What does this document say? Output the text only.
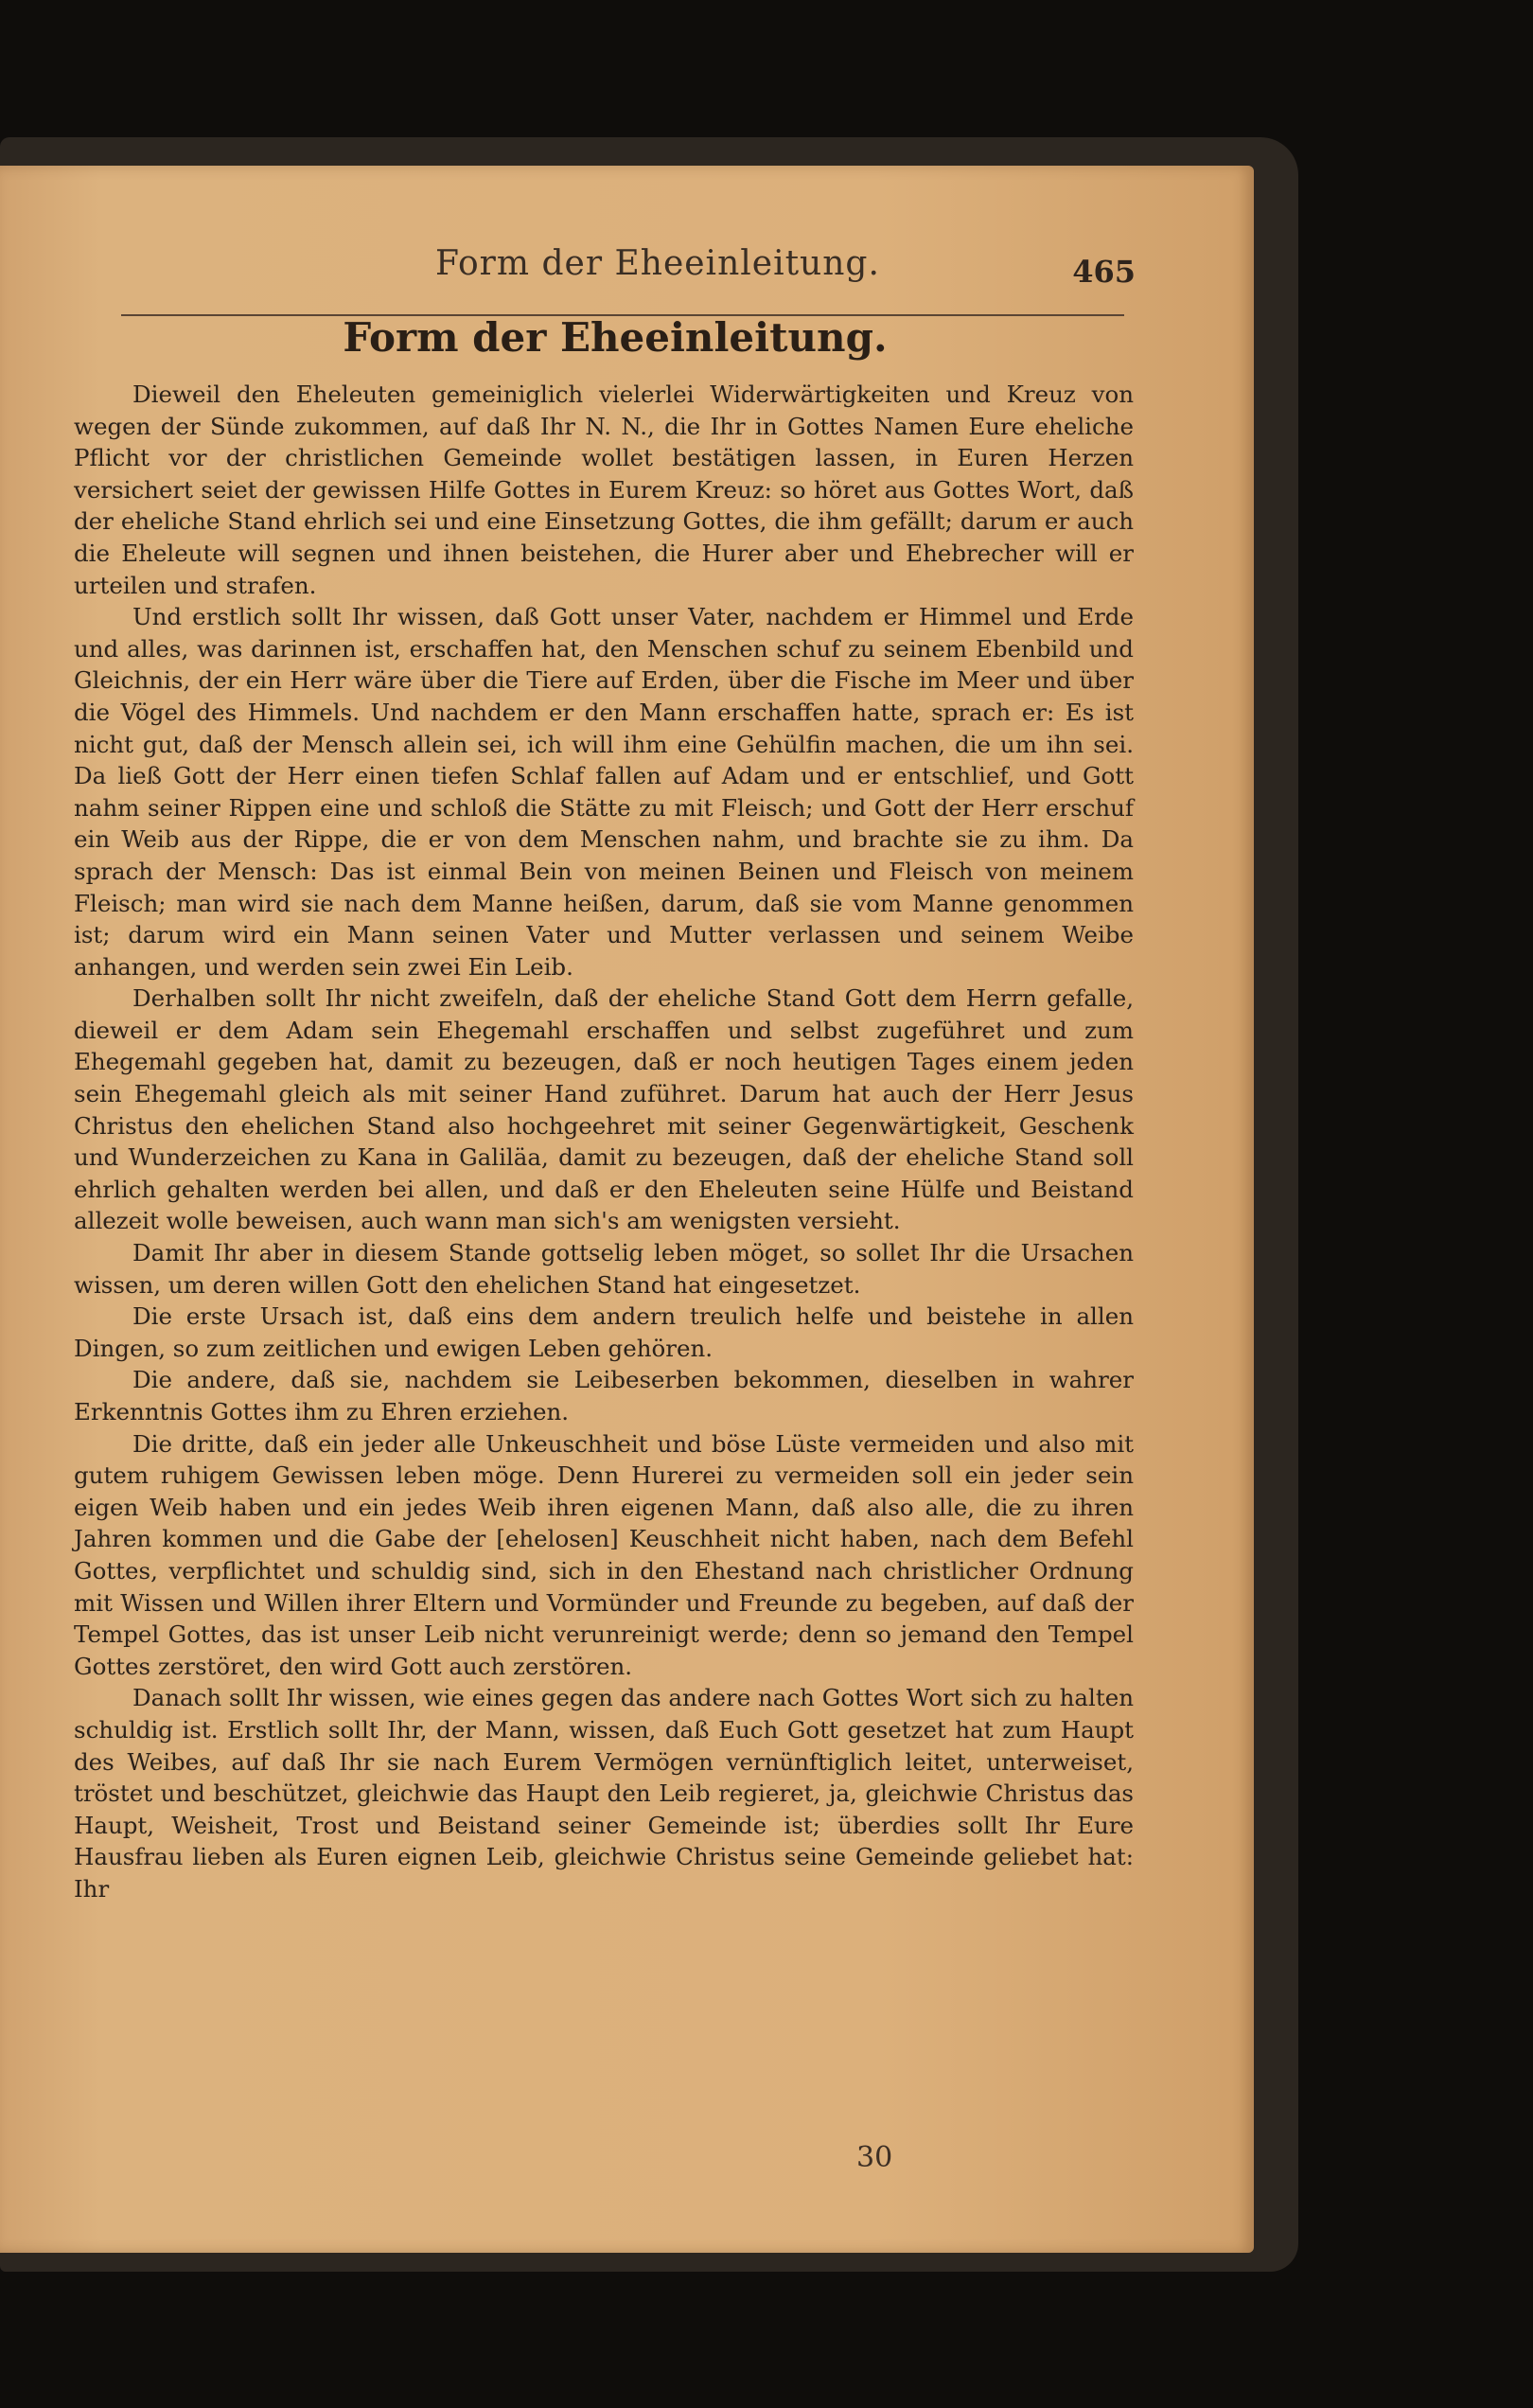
Form der Eheeinleitung.	465
Form der Eheeinleitung.

Dieweil den Eheleuten gemeiniglich vielerlei Widerwärtigkeiten und Kreuz von wegen der Sünde zukommen, auf daß Ihr N. N., die Ihr in Gottes Namen Eure eheliche Pflicht vor der christlichen Gemeinde wollet bestätigen lassen, in Euren Herzen versichert seiet der gewissen Hilfe Gottes in Eurem Kreuz: so höret aus Gottes Wort, daß der eheliche Stand ehrlich sei und eine Einsetzung Gottes, die ihm gefällt; darum er auch die Eheleute will segnen und ihnen beistehen, die Hurer aber und Ehebrecher will er urteilen und strafen.

Und erstlich sollt Ihr wissen, daß Gott unser Vater, nachdem er Himmel und Erde und alles, was darinnen ist, erschaffen hat, den Menschen schuf zu seinem Ebenbild und Gleichnis, der ein Herr wäre über die Tiere auf Erden, über die Fische im Meer und über die Vögel des Himmels. Und nachdem er den Mann erschaffen hatte, sprach er: Es ist nicht gut, daß der Mensch allein sei, ich will ihm eine Gehülfin machen, die um ihn sei. Da ließ Gott der Herr einen tiefen Schlaf fallen auf Adam und er entschlief, und Gott nahm seiner Rippen eine und schloß die Stätte zu mit Fleisch; und Gott der Herr erschuf ein Weib aus der Rippe, die er von dem Menschen nahm, und brachte sie zu ihm. Da sprach der Mensch: Das ist einmal Bein von meinen Beinen und Fleisch von meinem Fleisch; man wird sie nach dem Manne heißen, darum, daß sie vom Manne genommen ist; darum wird ein Mann seinen Vater und Mutter verlassen und seinem Weibe anhangen, und werden sein zwei Ein Leib.

Derhalben sollt Ihr nicht zweifeln, daß der eheliche Stand Gott dem Herrn gefalle, dieweil er dem Adam sein Ehegemahl erschaffen und selbst zugeführet und zum Ehegemahl gegeben hat, damit zu bezeugen, daß er noch heutigen Tages einem jeden sein Ehegemahl gleich als mit seiner Hand zuführet. Darum hat auch der Herr Jesus Christus den ehelichen Stand also hochgeehret mit seiner Gegenwärtigkeit, Geschenk und Wunderzeichen zu Kana in Galiläa, damit zu bezeugen, daß der eheliche Stand soll ehrlich gehalten werden bei allen, und daß er den Eheleuten seine Hülfe und Beistand allezeit wolle beweisen, auch wann man sich's am wenigsten versieht.

Damit Ihr aber in diesem Stande gottselig leben möget, so sollet Ihr die Ursachen wissen, um deren willen Gott den ehelichen Stand hat eingesetzet.

Die erste Ursach ist, daß eins dem andern treulich helfe und beistehe in allen Dingen, so zum zeitlichen und ewigen Leben gehören.

Die andere, daß sie, nachdem sie Leibeserben bekommen, dieselben in wahrer Erkenntnis Gottes ihm zu Ehren erziehen.

Die dritte, daß ein jeder alle Unkeuschheit und böse Lüste vermeiden und also mit gutem ruhigem Gewissen leben möge. Denn Hurerei zu vermeiden soll ein jeder sein eigen Weib haben und ein jedes Weib ihren eigenen Mann, daß also alle, die zu ihren Jahren kommen und die Gabe der [ehelosen] Keuschheit nicht haben, nach dem Befehl Gottes, verpflichtet und schuldig sind, sich in den Ehestand nach christlicher Ordnung mit Wissen und Willen ihrer Eltern und Vormünder und Freunde zu begeben, auf daß der Tempel Gottes, das ist unser Leib nicht verunreinigt werde; denn so jemand den Tempel Gottes zerstöret, den wird Gott auch zerstören.

Danach sollt Ihr wissen, wie eines gegen das andere nach Gottes Wort sich zu halten schuldig ist. Erstlich sollt Ihr, der Mann, wissen, daß Euch Gott gesetzet hat zum Haupt des Weibes, auf daß Ihr sie nach Eurem Vermögen vernünftiglich leitet, unterweiset, tröstet und beschützet, gleichwie das Haupt den Leib regieret, ja, gleichwie Christus das Haupt, Weisheit, Trost und Beistand seiner Gemeinde ist; überdies sollt Ihr Eure Hausfrau lieben als Euren eignen Leib, gleichwie Christus seine Gemeinde geliebet hat: Ihr

30
